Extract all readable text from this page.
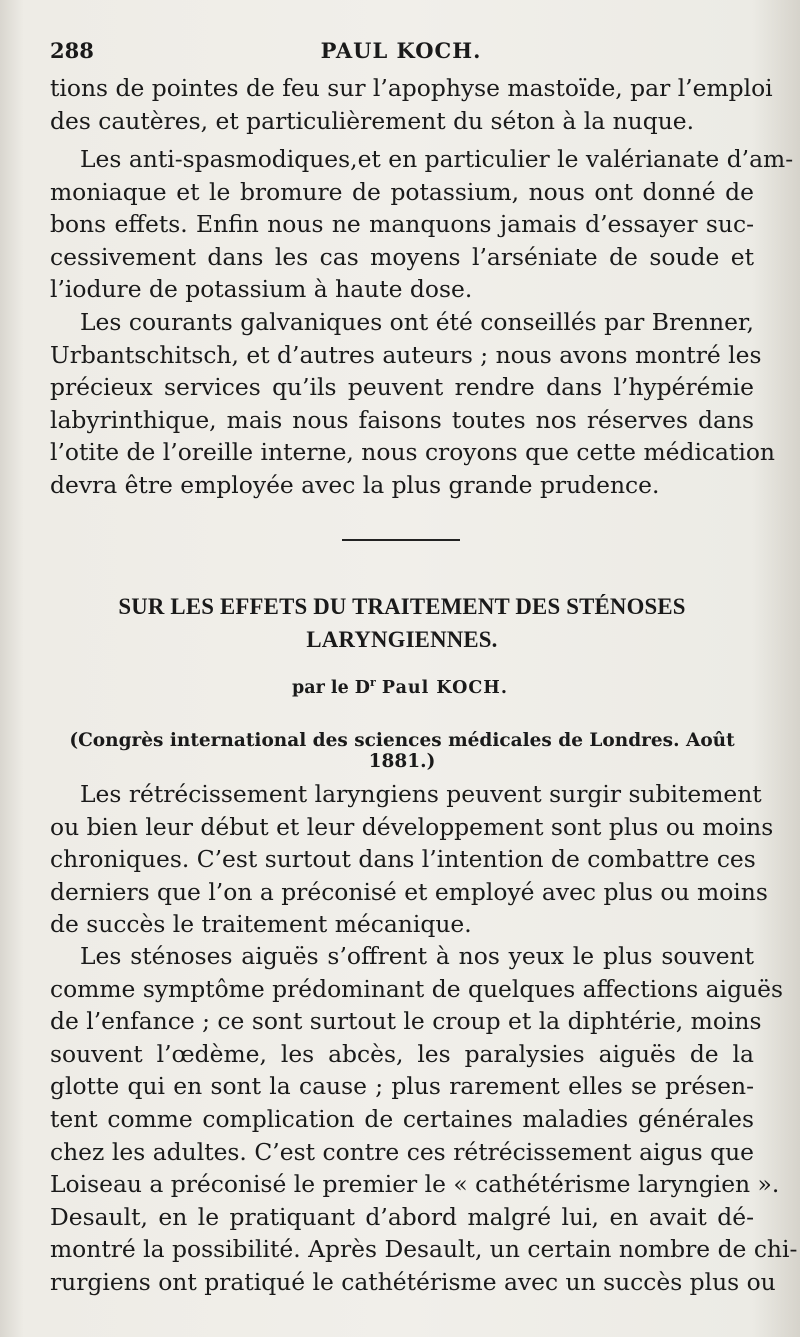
288	PAUL KOCH.
tions de pointes de feu sur l’apophyse mastoïde, par l’emploi
des cautères, et particulièrement du séton à la nuque.
Les anti-spasmodiques,et en particulier le valérianate d’am-
moniaque et le bromure de potassium, nous ont donné de
bons effets. Enfin nous ne manquons jamais d’essayer suc-
cessivement dans les cas moyens l’arséniate de soude et
l’iodure de potassium à haute dose.
Les courants galvaniques ont été conseillés par Brenner,
Urbantschitsch, et d’autres auteurs ; nous avons montré les
précieux services qu’ils peuvent rendre dans l’hypérémie
labyrinthique, mais nous faisons toutes nos réserves dans
l’otite de l’oreille interne, nous croyons que cette médication
devra être employée avec la plus grande prudence.
SUR LES EFFETS DU TRAITEMENT DES STÉNOSES
LARYNGIENNES.
par le $D^r$ Paul KOCH.
(Congrès international des sciences médicales de Londres. Août 1881.)
Les rétrécissement laryngiens peuvent surgir subitement
ou bien leur début et leur développement sont plus ou moins
chroniques. C’est surtout dans l’intention de combattre ces
derniers que l’on a préconisé et employé avec plus ou moins
de succès le traitement mécanique.
Les sténoses aiguës s’offrent à nos yeux le plus souvent
comme symptôme prédominant de quelques affections aiguës
de l’enfance ; ce sont surtout le croup et la diphtérie, moins
souvent l’œdème, les abcès, les paralysies aiguës de la
glotte qui en sont la cause ; plus rarement elles se présen-
tent comme complication de certaines maladies générales
chez les adultes. C’est contre ces rétrécissement aigus que
Loiseau a préconisé le premier le « cathétérisme laryngien ».
Desault, en le pratiquant d’abord malgré lui, en avait dé-
montré la possibilité. Après Desault, un certain nombre de chi-
rurgiens ont pratiqué le cathétérisme avec un succès plus ou
